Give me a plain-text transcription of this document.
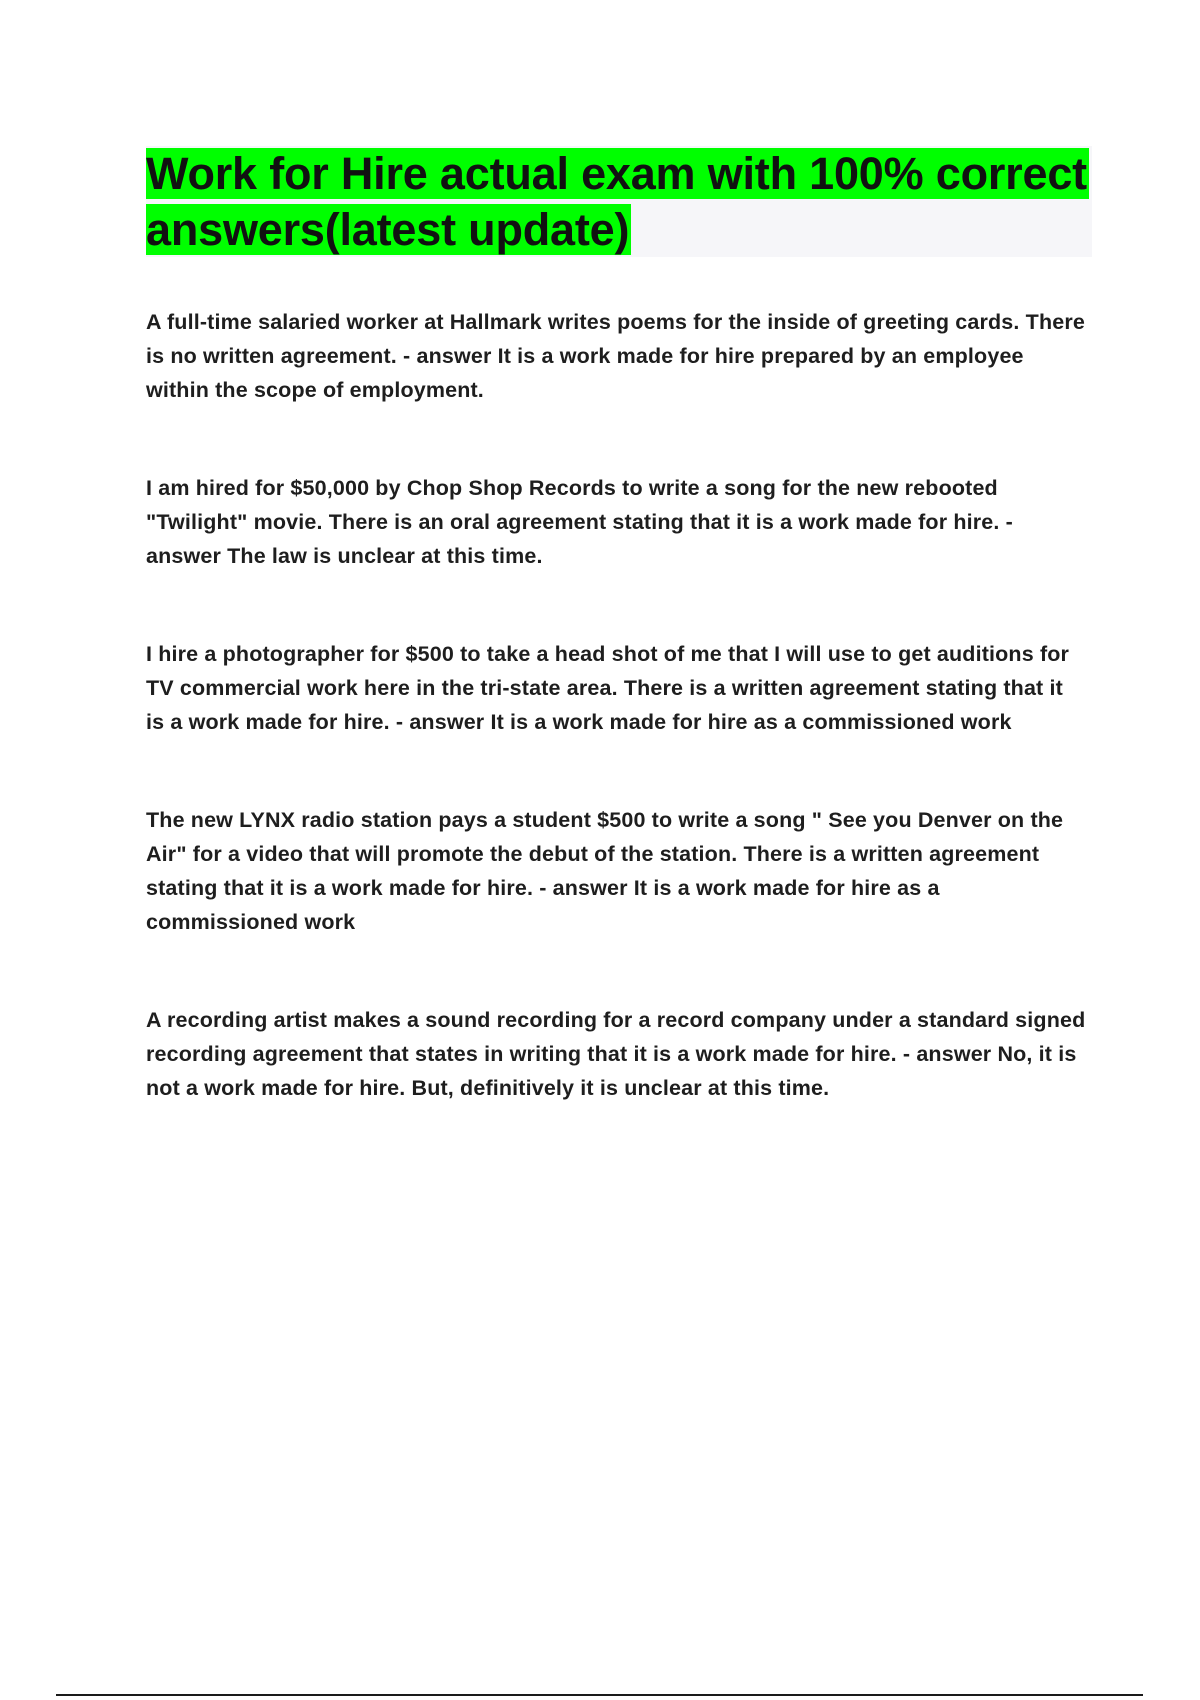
Work for Hire actual exam with 100% correct answers(latest update)

A full-time salaried worker at Hallmark writes poems for the inside of greeting cards. There is no written agreement. - answer It is a work made for hire prepared by an employee within the scope of employment.

I am hired for $50,000 by Chop Shop Records to write a song for the new rebooted "Twilight" movie. There is an oral agreement stating that it is a work made for hire. - answer The law is unclear at this time.

I hire a photographer for $500 to take a head shot of me that I will use to get auditions for TV commercial work here in the tri-state area. There is a written agreement stating that it is a work made for hire. - answer It is a work made for hire as a commissioned work

The new LYNX radio station pays a student $500 to write a song " See you Denver on the Air" for a video that will promote the debut of the station. There is a written agreement stating that it is a work made for hire. - answer It is a work made for hire as a commissioned work

A recording artist makes a sound recording for a record company under a standard signed recording agreement that states in writing that it is a work made for hire. - answer No, it is not a work made for hire. But, definitively it is unclear at this time.
